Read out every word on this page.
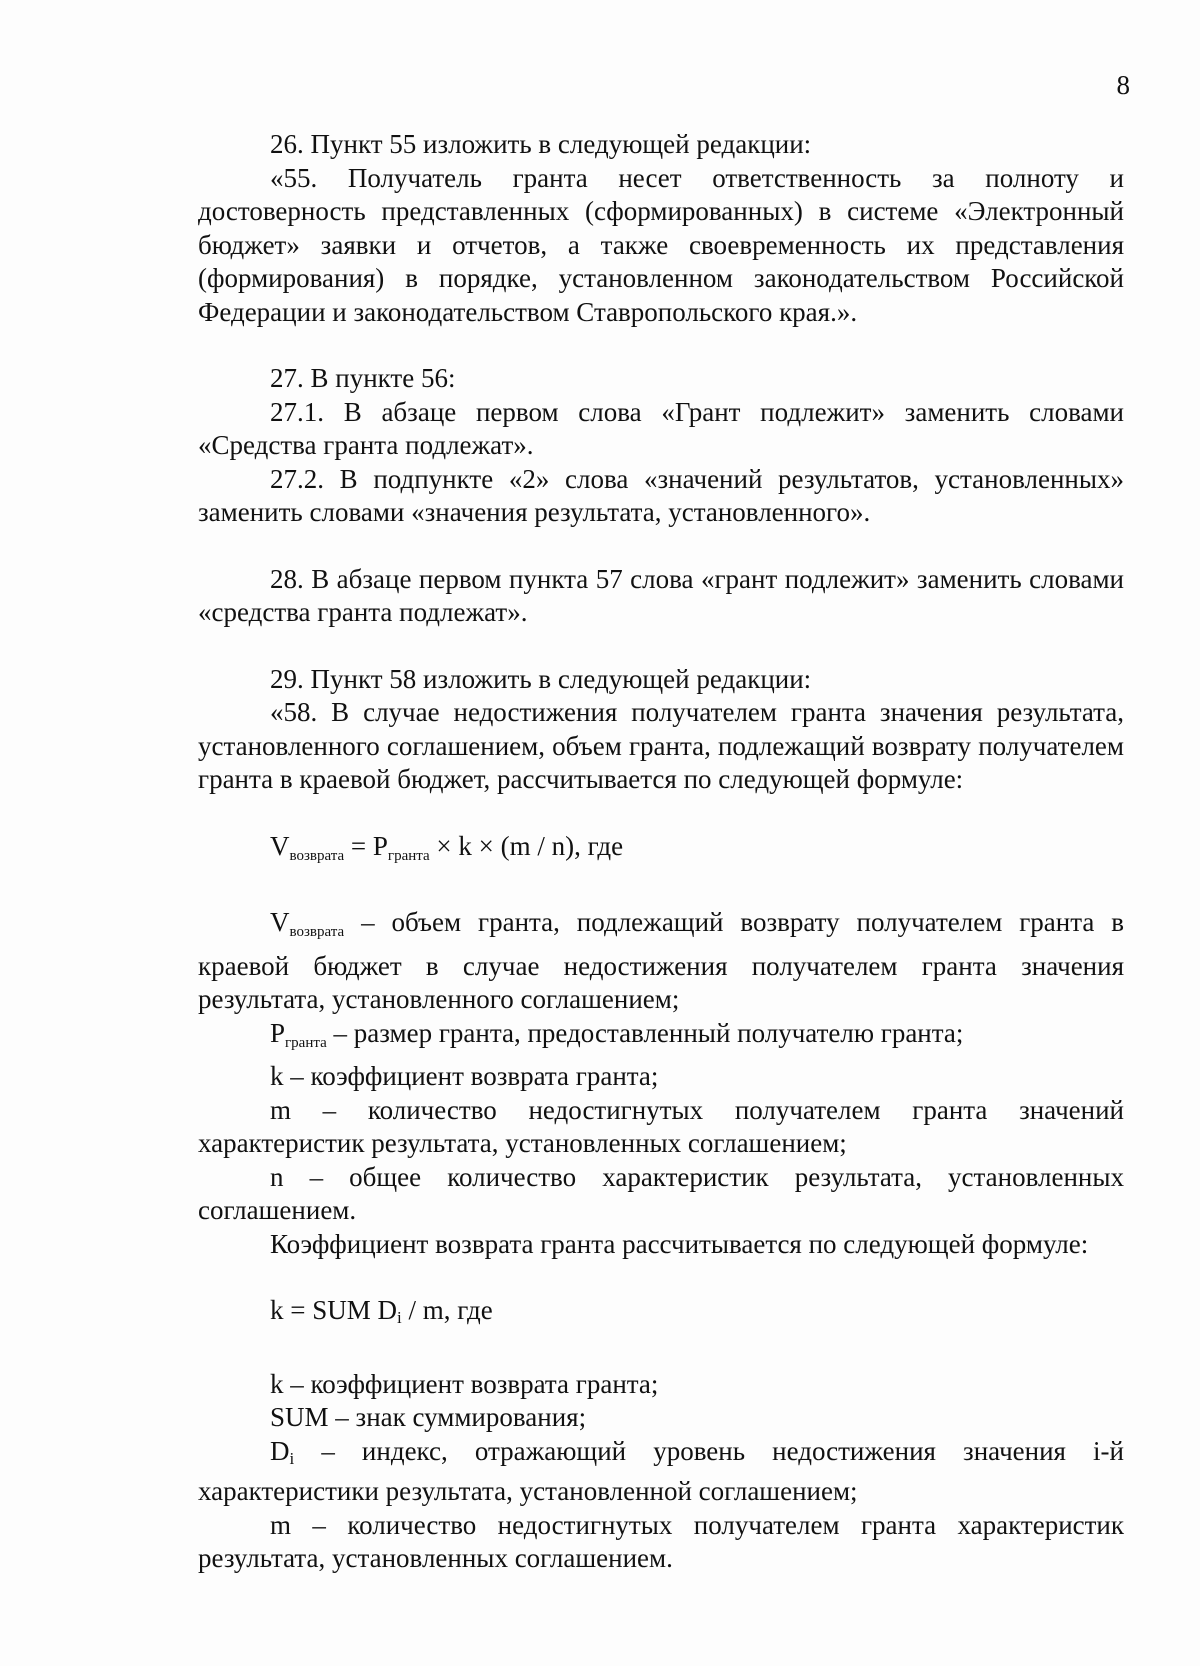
8

26. Пункт 55 изложить в следующей редакции:

«55. Получатель гранта несет ответственность за полноту и достоверность представленных (сформированных) в системе «Электронный бюджет» заявки и отчетов, а также своевременность их представления (формирования) в порядке, установленном законодательством Российской Федерации и законодательством Ставропольского края.».

27. В пункте 56:

27.1. В абзаце первом слова «Грант подлежит» заменить словами «Средства гранта подлежат».

27.2. В подпункте «2» слова «значений результатов, установленных» заменить словами «значения результата, установленного».

28. В абзаце первом пункта 57 слова «грант подлежит» заменить словами «средства гранта подлежат».

29. Пункт 58 изложить в следующей редакции:

«58. В случае недостижения получателем гранта значения результата, установленного соглашением, объем гранта, подлежащий возврату получателем гранта в краевой бюджет, рассчитывается по следующей формуле:

$V_{возврата} = P_{гранта} \times k \times (m / n)$, где

$V_{возврата}$ – объем гранта, подлежащий возврату получателем гранта в краевой бюджет в случае недостижения получателем гранта значения результата, установленного соглашением;

$P_{гранта}$ – размер гранта, предоставленный получателю гранта;

k – коэффициент возврата гранта;

m – количество недостигнутых получателем гранта значений характеристик результата, установленных соглашением;

n – общее количество характеристик результата, установленных соглашением.

Коэффициент возврата гранта рассчитывается по следующей формуле:

k = SUM Di / m, где

k – коэффициент возврата гранта;

SUM – знак суммирования;

Di – индекс, отражающий уровень недостижения значения i-й характеристики результата, установленной соглашением;

m – количество недостигнутых получателем гранта характеристик результата, установленных соглашением.
